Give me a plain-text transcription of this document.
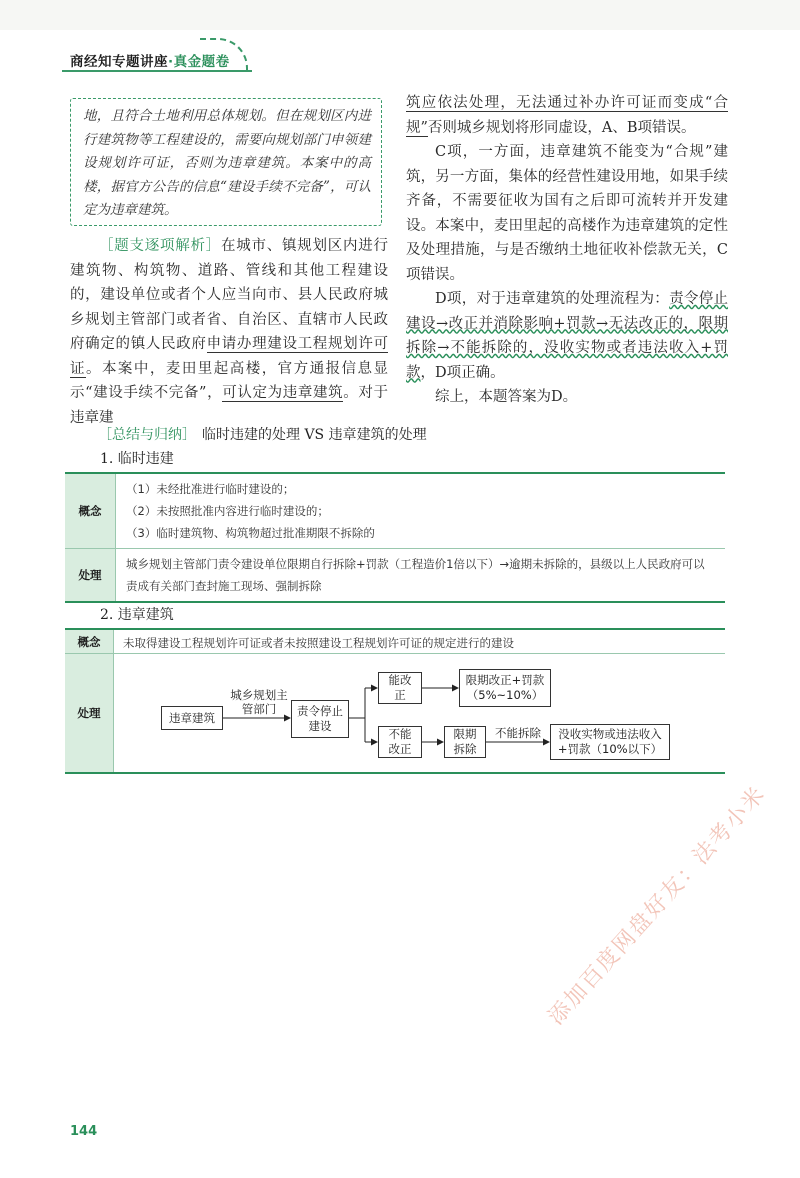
商经知专题讲座·真金题卷

地，且符合土地利用总体规划。但在规划区内进行建筑物等工程建设的，需要向规划部门申领建设规划许可证，否则为违章建筑。本案中的高楼，据官方公告的信息“建设手续不完备”，可认定为违章建筑。

［题支逐项解析］在城市、镇规划区内进行建筑物、构筑物、道路、管线和其他工程建设的，建设单位或者个人应当向市、县人民政府城乡规划主管部门或者省、自治区、直辖市人民政府确定的镇人民政府申请办理建设工程规划许可证。本案中，麦田里起高楼，官方通报信息显示“建设手续不完备”，可认定为违章建筑。对于违章建

筑应依法处理，无法通过补办许可证而变成“合规”否则城乡规划将形同虚设，A、B项错误。

C项，一方面，违章建筑不能变为“合规”建筑，另一方面，集体的经营性建设用地，如果手续齐备，不需要征收为国有之后即可流转并开发建设。本案中，麦田里起的高楼作为违章建筑的定性及处理措施，与是否缴纳土地征收补偿款无关，C项错误。

D项，对于违章建筑的处理流程为：责令停止建设→改正并消除影响+罚款→无法改正的，限期拆除→不能拆除的，没收实物或者违法收入+罚款，D项正确。

综上，本题答案为D。

［总结与归纳］ 临时违建的处理 VS 违章建筑的处理
1. 临时违建
概念	（1）未经批准进行临时建设的；
（2）未按照批准内容进行临时建设的；
（3）临时建筑物、构筑物超过批准期限不拆除的

处理	城乡规划主管部门责令建设单位限期自行拆除+罚款（工程造价1倍以下）→逾期未拆除的，县级以上人民政府可以责成有关部门查封施工现场、强制拆除
2. 违章建筑
概念	未取得建设工程规划许可证或者未按照建设工程规划许可证的规定进行的建设
处理	违章建筑
城乡规划主管部门	责令停止建设
能改正
限期改正+罚款（5%~10%）
不能改正
限期拆除
不能拆除	没收实物或违法收入+罚款（10%以下）
144
添加百度网盘好友：法考小米
